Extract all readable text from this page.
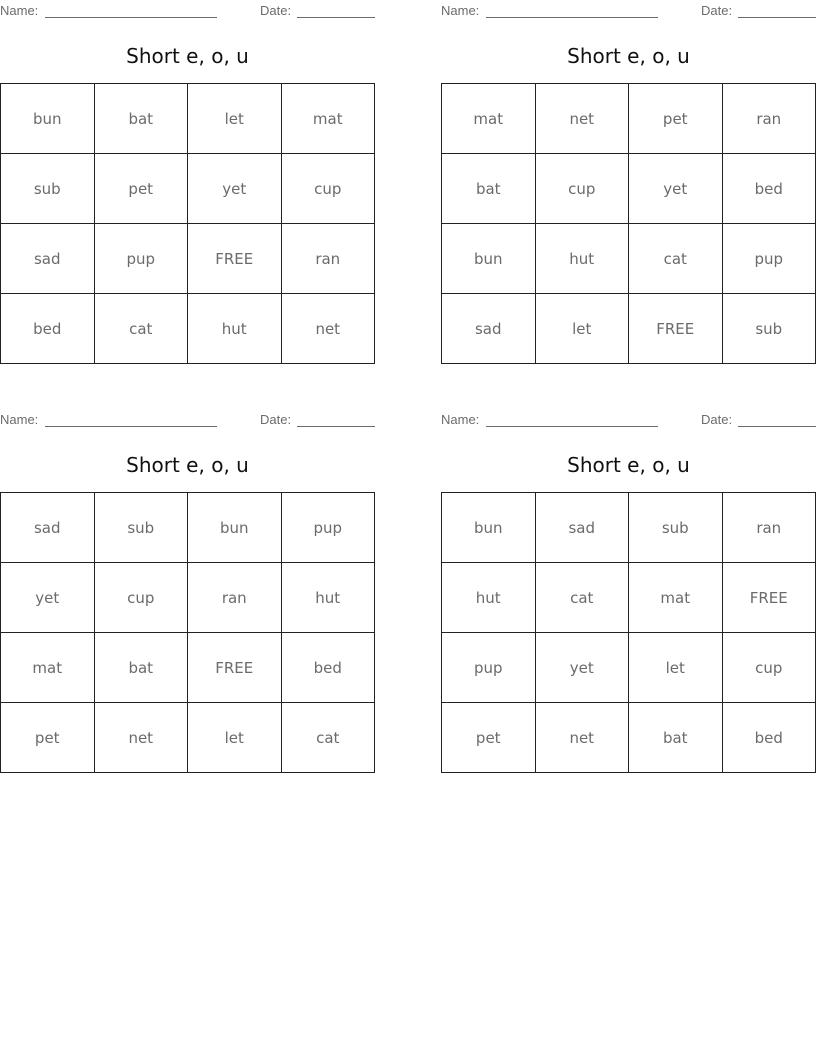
Name:	Date:
Short e, o, u
bun	bat	let	mat
sub	pet	yet	cup
sad	pup	FREE	ran
bed	cat	hut	net
Name:	Date:
Short e, o, u
mat	net	pet	ran
bat	cup	yet	bed
bun	hut	cat	pup
sad	let	FREE	sub
Name:	Date:
Short e, o, u
sad	sub	bun	pup
yet	cup	ran	hut
mat	bat	FREE	bed
pet	net	let	cat
Name:	Date:
Short e, o, u
bun	sad	sub	ran
hut	cat	mat	FREE
pup	yet	let	cup
pet	net	bat	bed
